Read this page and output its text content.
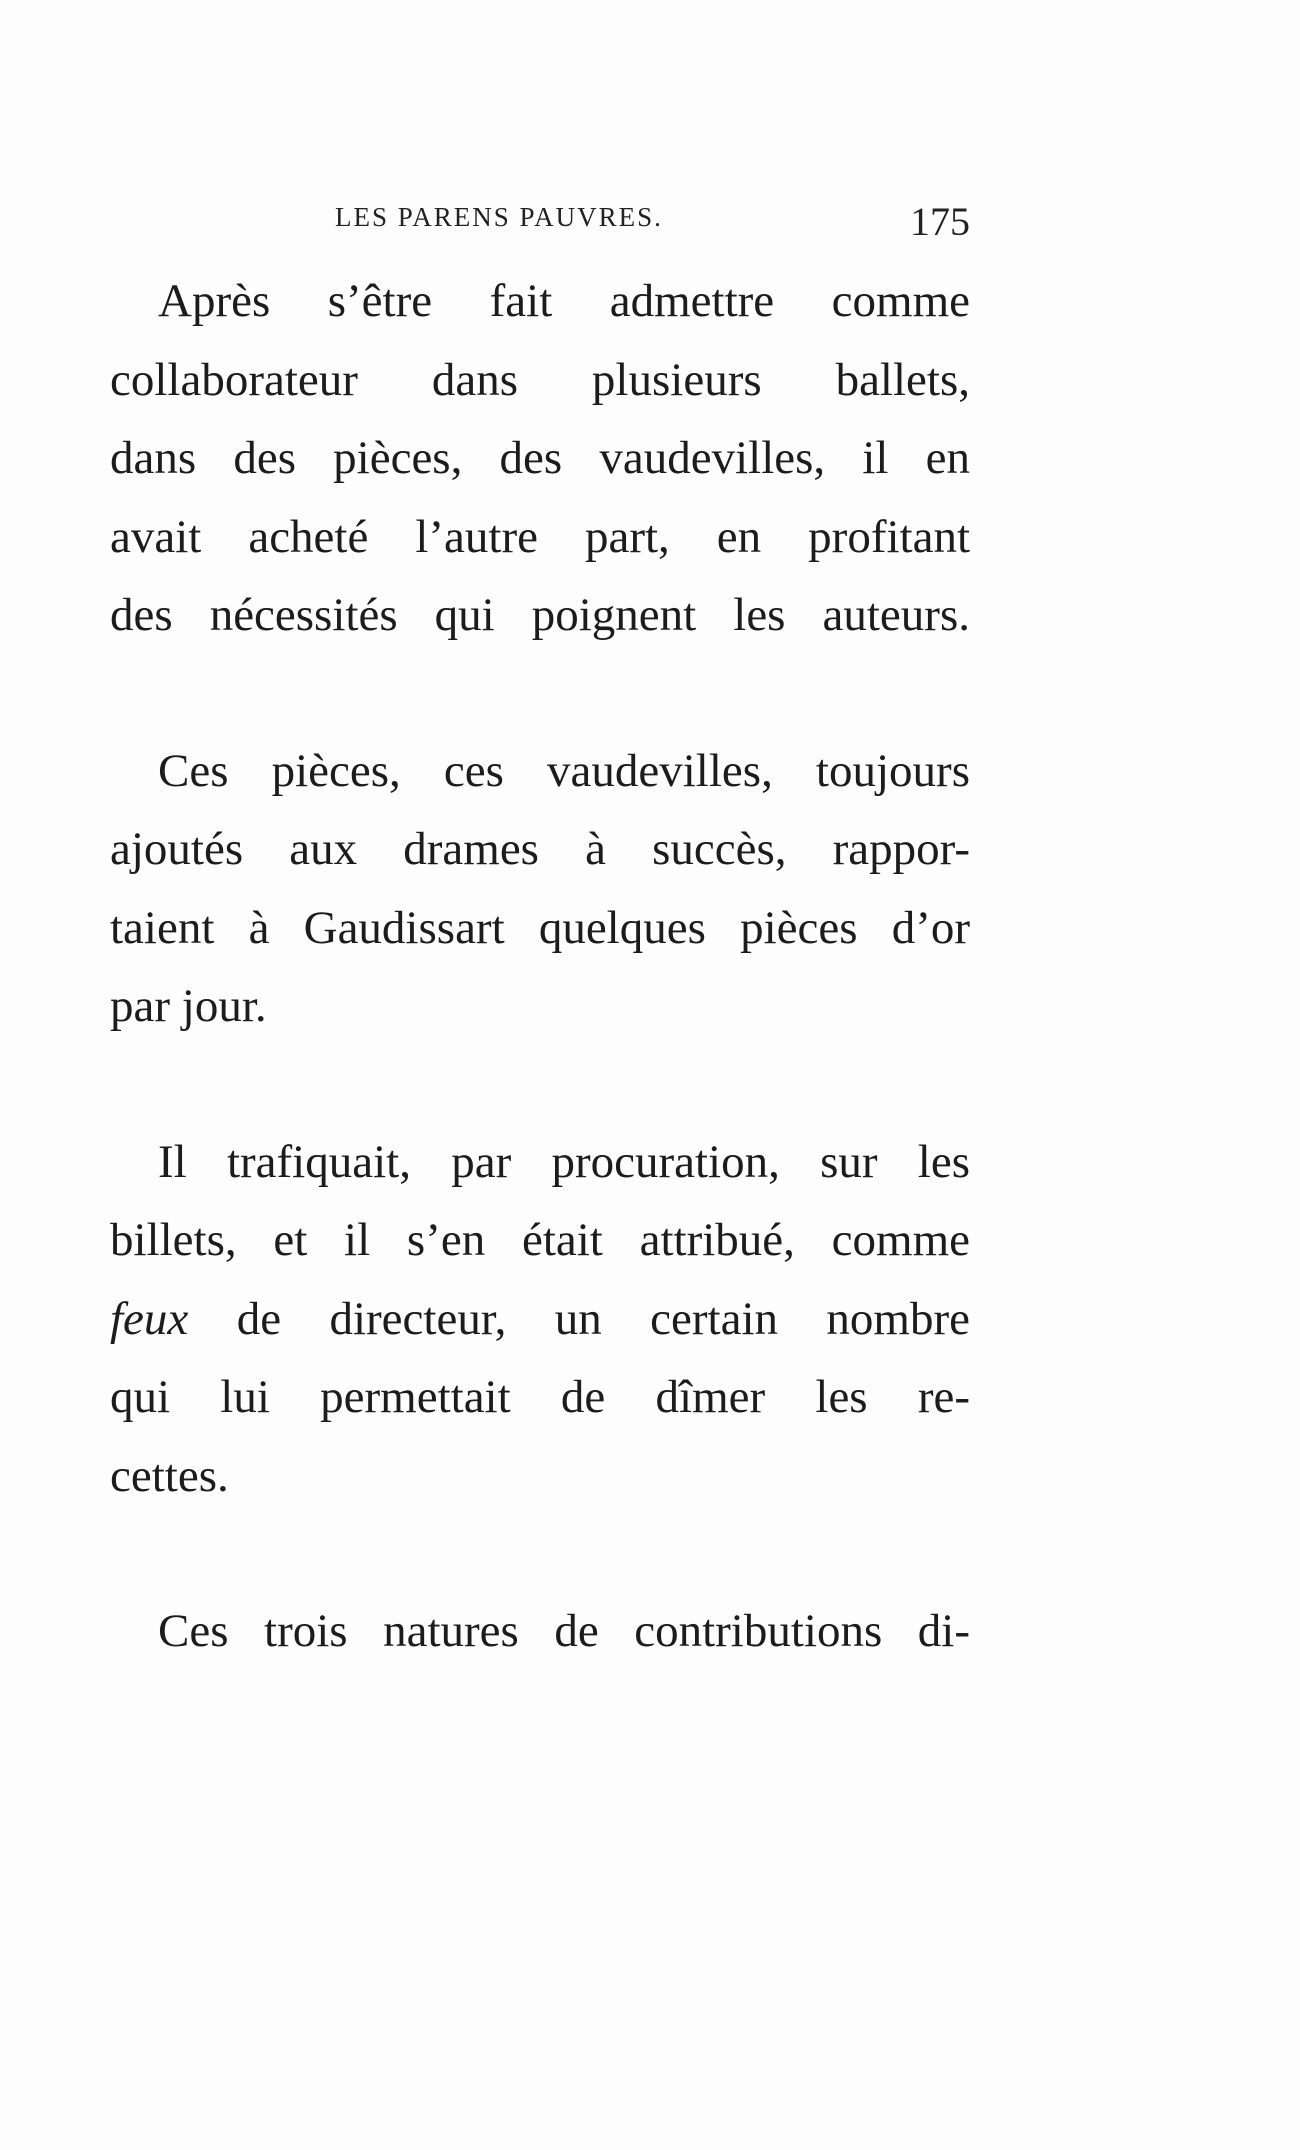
LES PARENS PAUVRES.	175

Après s’être fait admettre comme
collaborateur dans plusieurs ballets,
dans des pièces, des vaudevilles, il en
avait acheté l’autre part, en profitant
des nécessités qui poignent les auteurs.

Ces pièces, ces vaudevilles, toujours
ajoutés aux drames à succès, rappor-
taient à Gaudissart quelques pièces d’or
par jour.

Il trafiquait, par procuration, sur les
billets, et il s’en était attribué, comme
feux de directeur, un certain nombre
qui lui permettait de dîmer les re-
cettes.

Ces trois natures de contributions di-
